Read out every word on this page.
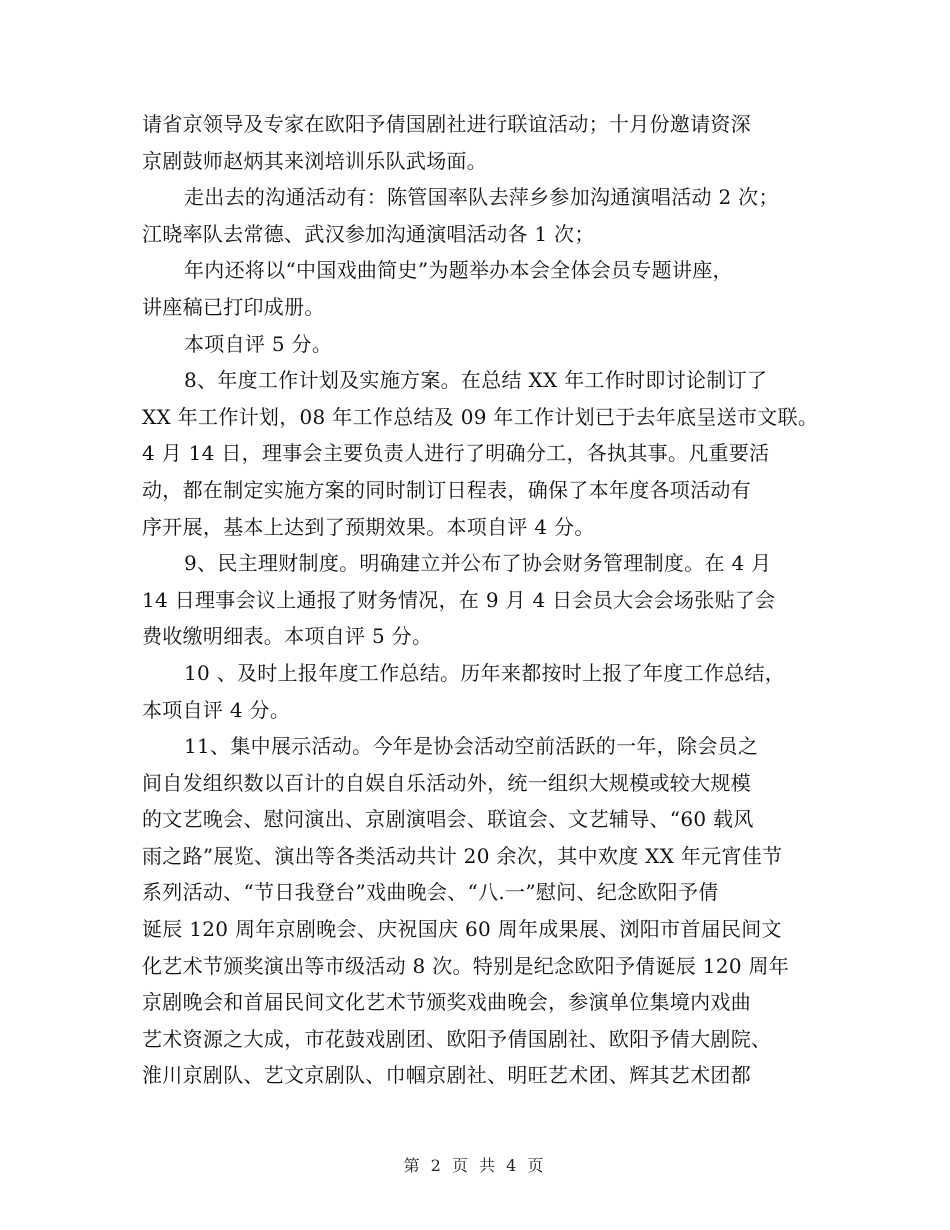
请省京领导及专家在欧阳予倩国剧社进行联谊活动；十月份邀请资深
京剧鼓师赵炳其来浏培训乐队武场面。
走出去的沟通活动有：陈管国率队去萍乡参加沟通演唱活动 2 次；
江晓率队去常德、武汉参加沟通演唱活动各 1 次；
年内还将以“中国戏曲简史”为题举办本会全体会员专题讲座，
讲座稿已打印成册。
本项自评 5 分。
8、年度工作计划及实施方案。在总结 XX 年工作时即讨论制订了
XX 年工作计划，08 年工作总结及 09 年工作计划已于去年底呈送市文联。
4 月 14 日，理事会主要负责人进行了明确分工，各执其事。凡重要活
动，都在制定实施方案的同时制订日程表，确保了本年度各项活动有
序开展，基本上达到了预期效果。本项自评 4 分。
9、民主理财制度。明确建立并公布了协会财务管理制度。在 4 月
14 日理事会议上通报了财务情况，在 9 月 4 日会员大会会场张贴了会
费收缴明细表。本项自评 5 分。
10 、及时上报年度工作总结。历年来都按时上报了年度工作总结，
本项自评 4 分。
11、集中展示活动。今年是协会活动空前活跃的一年，除会员之
间自发组织数以百计的自娱自乐活动外，统一组织大规模或较大规模
的文艺晚会、慰问演出、京剧演唱会、联谊会、文艺辅导、“60 载风
雨之路”展览、演出等各类活动共计 20 余次，其中欢度 XX 年元宵佳节
系列活动、“节日我登台”戏曲晚会、“八.一”慰问、纪念欧阳予倩
诞辰 120 周年京剧晚会、庆祝国庆 60 周年成果展、浏阳市首届民间文
化艺术节颁奖演出等市级活动 8 次。特别是纪念欧阳予倩诞辰 120 周年
京剧晚会和首届民间文化艺术节颁奖戏曲晚会，参演单位集境内戏曲
艺术资源之大成，市花鼓戏剧团、欧阳予倩国剧社、欧阳予倩大剧院、
淮川京剧队、艺文京剧队、巾帼京剧社、明旺艺术团、辉其艺术团都
第 2 页 共 4 页
